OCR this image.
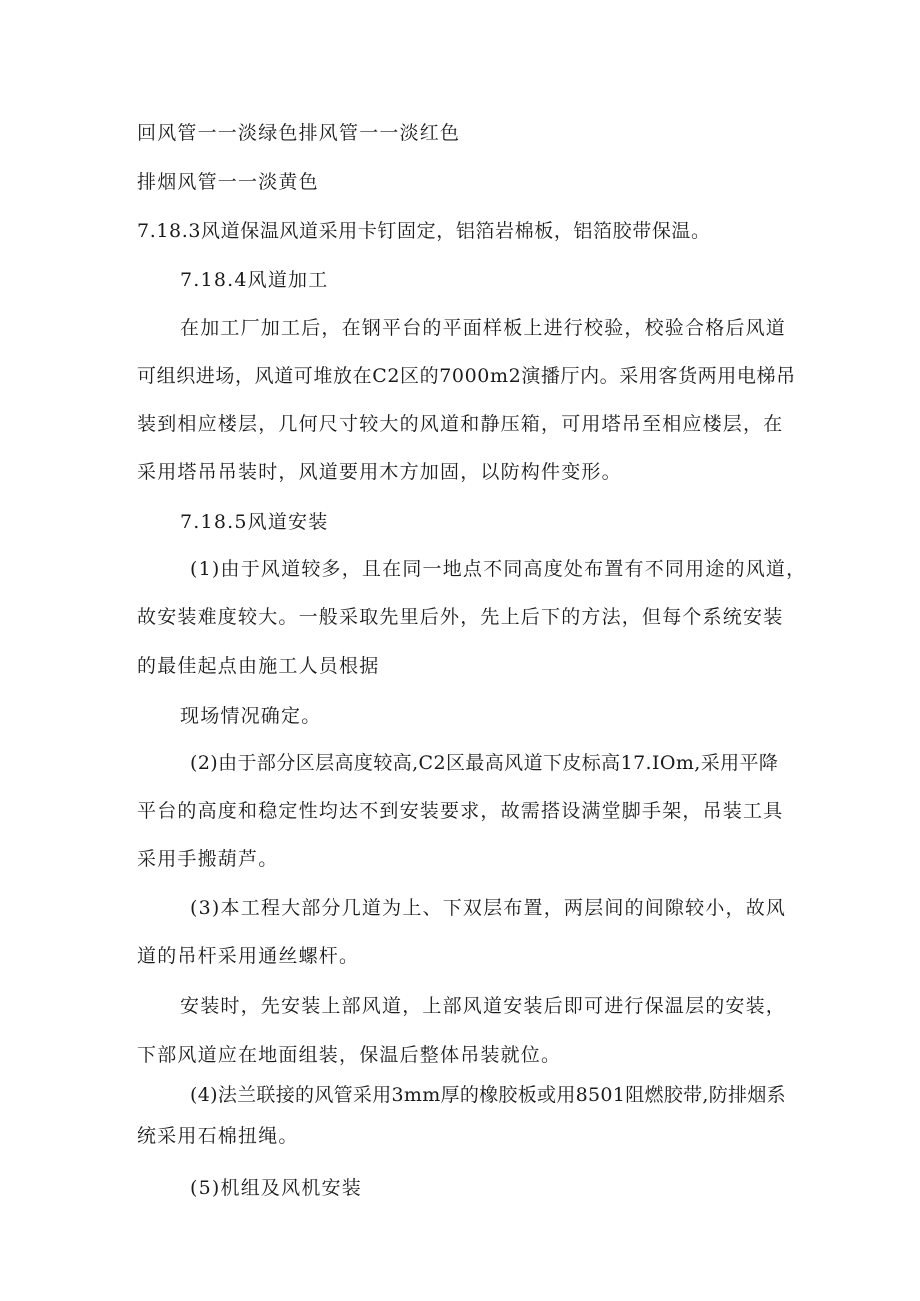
回风管一一淡绿色排风管一一淡红色
排烟风管一一淡黄色
7.18.3风道保温风道采用卡钉固定，铝箔岩棉板，铝箔胶带保温。
7.18.4风道加工
在加工厂加工后，在钢平台的平面样板上进行校验，校验合格后风道
可组织进场，风道可堆放在C2区的7000m2演播厅内。采用客货两用电梯吊
装到相应楼层，几何尺寸较大的风道和静压箱，可用塔吊至相应楼层，在
采用塔吊吊装时，风道要用木方加固，以防构件变形。
7.18.5风道安装
(1)由于风道较多，且在同一地点不同高度处布置有不同用途的风道，
故安装难度较大。一般采取先里后外，先上后下的方法，但每个系统安装
的最佳起点由施工人员根据
现场情况确定。
(2)由于部分区层高度较高,C2区最高风道下皮标高17.IOm,采用平降
平台的高度和稳定性均达不到安装要求，故需搭设满堂脚手架，吊装工具
采用手搬葫芦。
(3)本工程大部分几道为上、下双层布置，两层间的间隙较小，故风
道的吊杆采用通丝螺杆。
安装时，先安装上部风道，上部风道安装后即可进行保温层的安装，
下部风道应在地面组装，保温后整体吊装就位。
(4)法兰联接的风管采用3mm厚的橡胶板或用8501阻燃胶带,防排烟系
统采用石棉扭绳。
(5)机组及风机安装
